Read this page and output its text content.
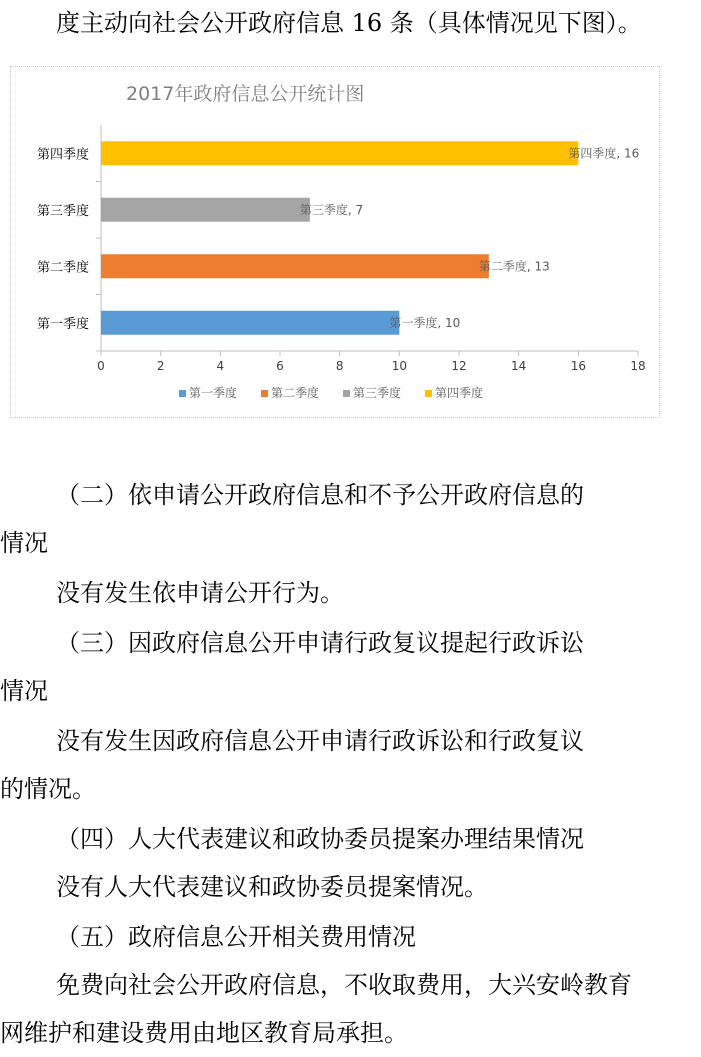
度主动向社会公开政府信息 16 条（具体情况见下图）。
2017年政府信息公开统计图
0	2	4	6	8	10	12	14	16	18
第一季度	第一季度, 10
第二季度	第二季度, 13
第三季度	第三季度, 7
第四季度	第四季度, 16
第一季度	第二季度	第三季度	第四季度
（二）依申请公开政府信息和不予公开政府信息的
情况
没有发生依申请公开行为。
（三）因政府信息公开申请行政复议提起行政诉讼
情况
没有发生因政府信息公开申请行政诉讼和行政复议
的情况。
（四）人大代表建议和政协委员提案办理结果情况
没有人大代表建议和政协委员提案情况。
（五）政府信息公开相关费用情况
免费向社会公开政府信息，不收取费用，大兴安岭教育
网维护和建设费用由地区教育局承担。
